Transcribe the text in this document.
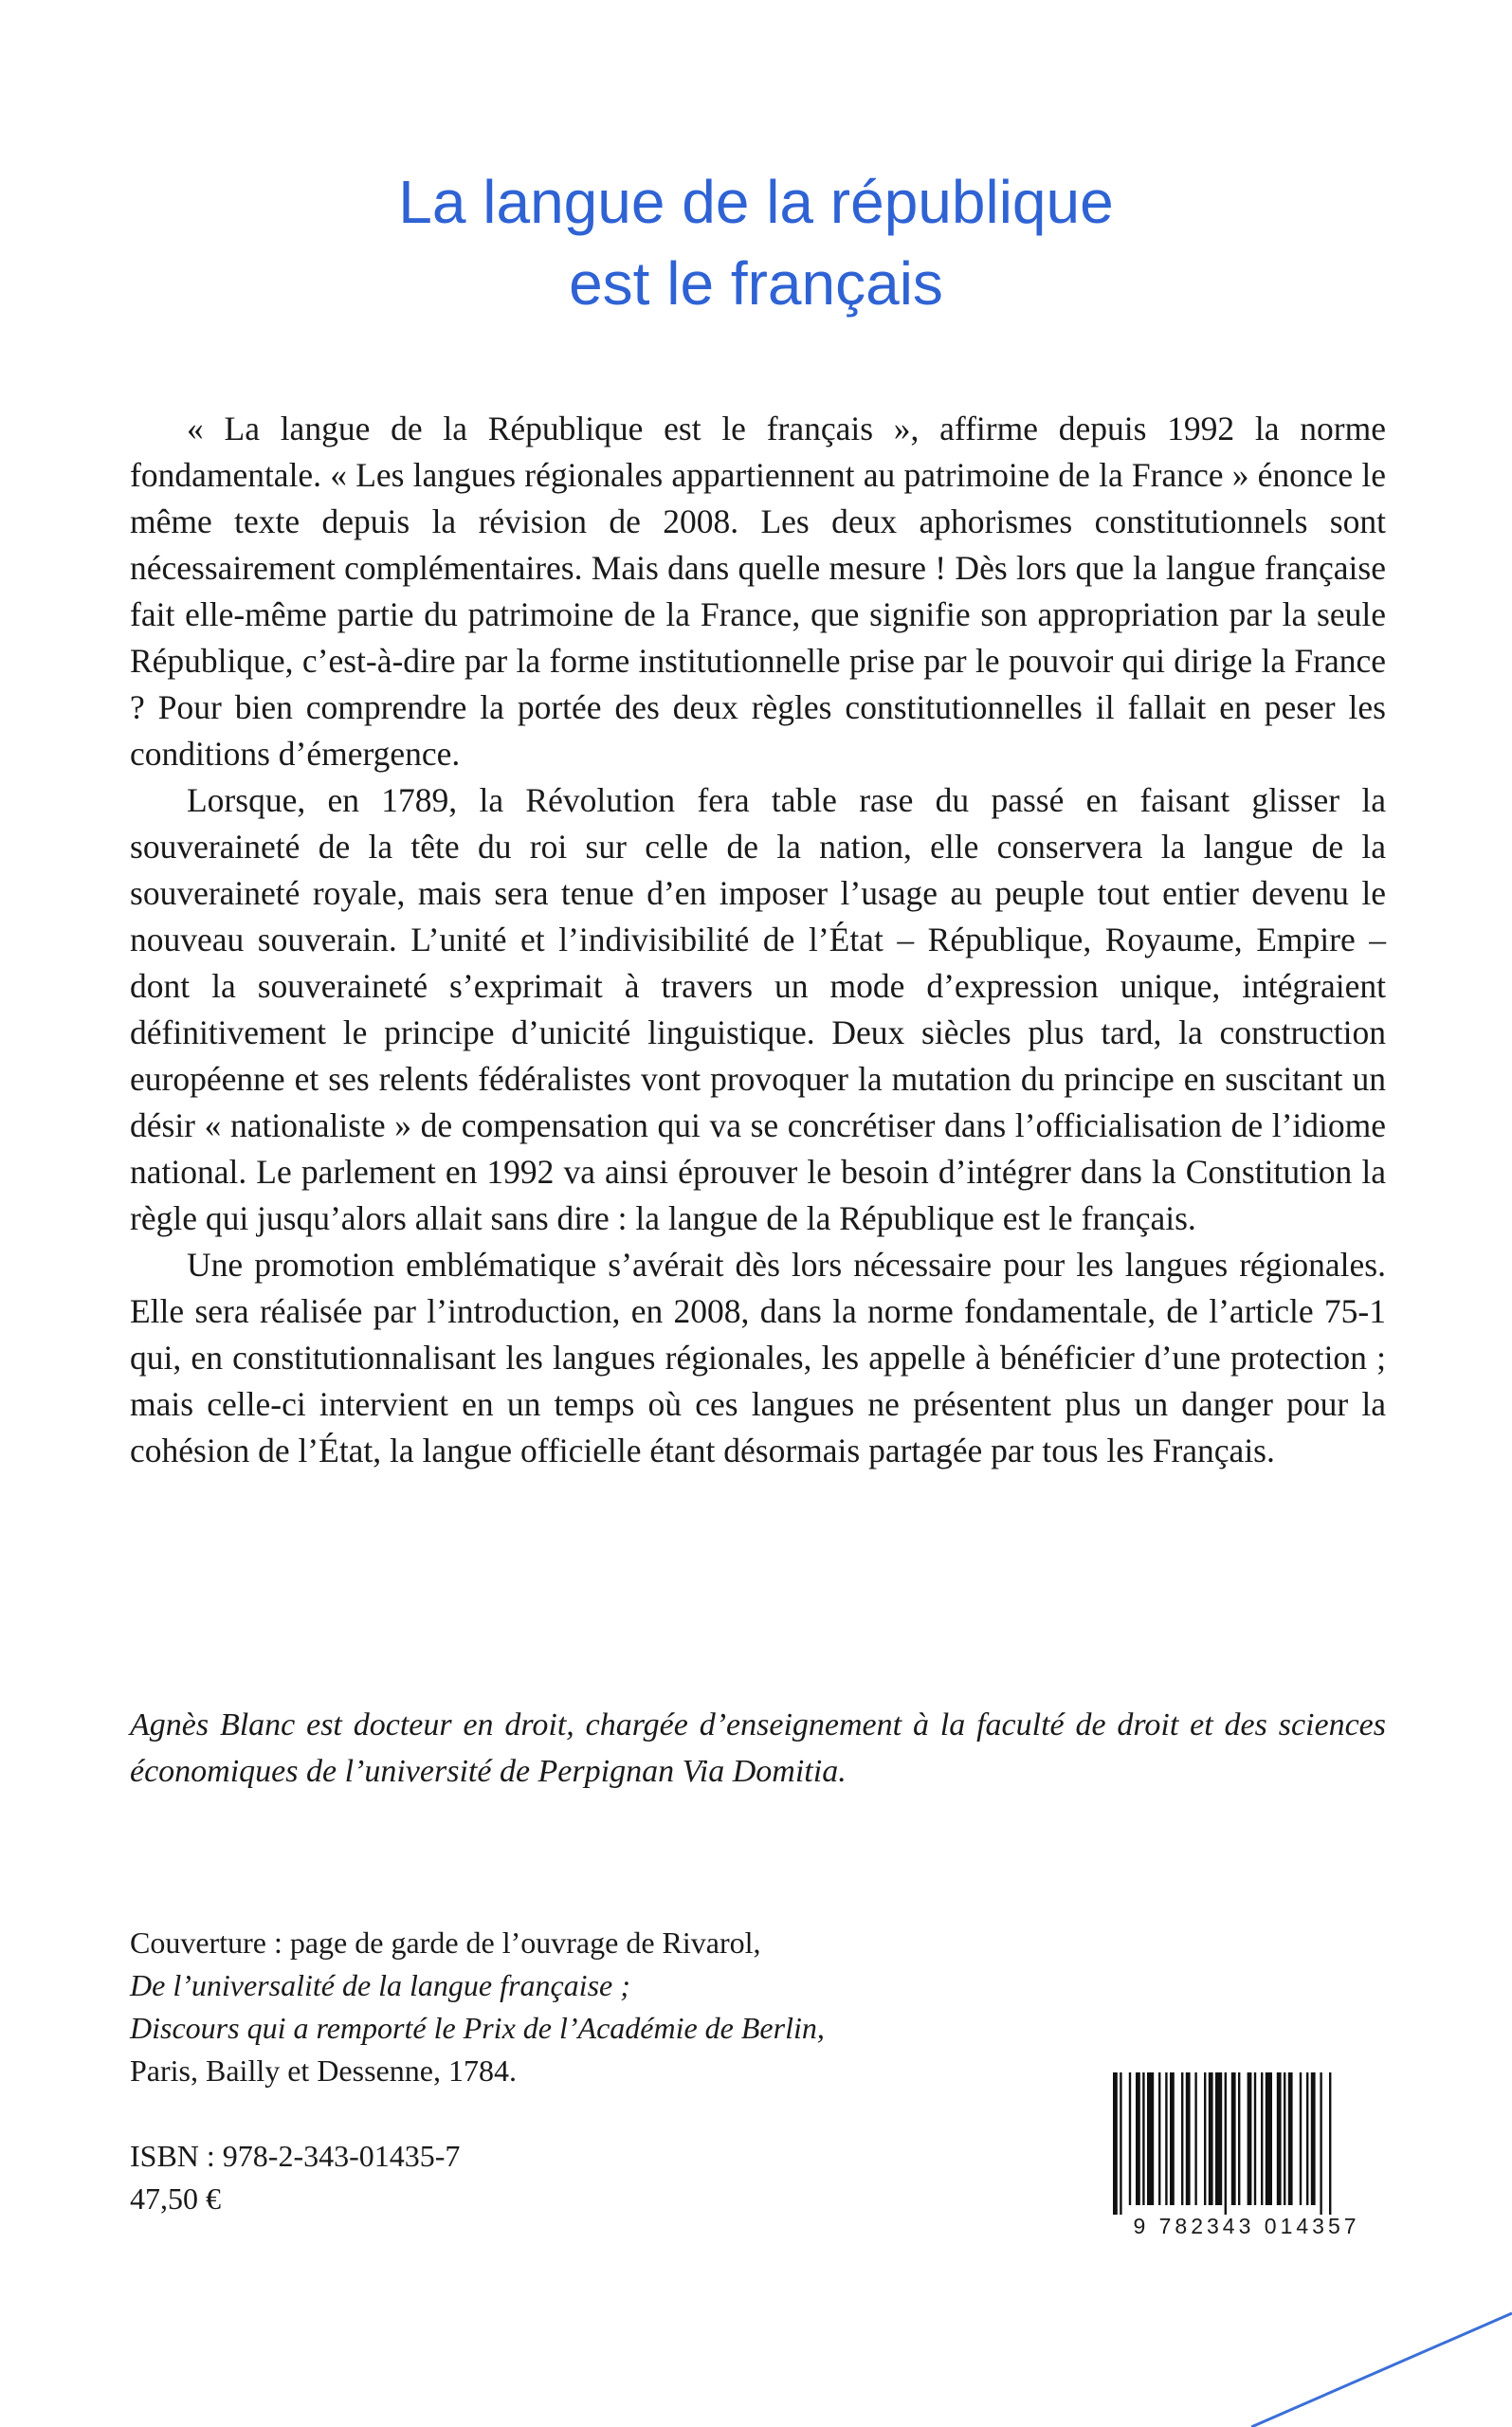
La langue de la république
est le français

« La langue de la République est le français », affirme depuis 1992 la norme fondamentale. « Les langues régionales appartiennent au patrimoine de la France » énonce le même texte depuis la révision de 2008. Les deux aphorismes constitutionnels sont nécessairement complémentaires. Mais dans quelle mesure ! Dès lors que la langue française fait elle-même partie du patrimoine de la France, que signifie son appropriation par la seule République, c’est-à-dire par la forme institutionnelle prise par le pouvoir qui dirige la France ? Pour bien comprendre la portée des deux règles constitutionnelles il fallait en peser les conditions d’émergence.

Lorsque, en 1789, la Révolution fera table rase du passé en faisant glisser la souveraineté de la tête du roi sur celle de la nation, elle conservera la langue de la souveraineté royale, mais sera tenue d’en imposer l’usage au peuple tout entier devenu le nouveau souverain. L’unité et l’indivisibilité de l’État – République, Royaume, Empire – dont la souveraineté s’exprimait à travers un mode d’expression unique, intégraient définitivement le principe d’unicité linguistique. Deux siècles plus tard, la construction européenne et ses relents fédéralistes vont provoquer la mutation du principe en suscitant un désir « nationaliste » de compensation qui va se concrétiser dans l’officialisation de l’idiome national. Le parlement en 1992 va ainsi éprouver le besoin d’intégrer dans la Constitution la règle qui jusqu’alors allait sans dire : la langue de la République est le français.

Une promotion emblématique s’avérait dès lors nécessaire pour les langues régionales. Elle sera réalisée par l’introduction, en 2008, dans la norme fondamentale, de l’article 75-1 qui, en constitutionnalisant les langues régionales, les appelle à bénéficier d’une protection ; mais celle-ci intervient en un temps où ces langues ne présentent plus un danger pour la cohésion de l’État, la langue officielle étant désormais partagée par tous les Français.

Agnès Blanc est docteur en droit, chargée d’enseignement à la faculté de droit et des sciences économiques de l’université de Perpignan Via Domitia.

Couverture : page de garde de l’ouvrage de Rivarol,
De l’universalité de la langue française ;
Discours qui a remporté le Prix de l’Académie de Berlin,
Paris, Bailly et Dessenne, 1784.
ISBN : 978-2-343-01435-7
47,50 €
9 782343 014357
